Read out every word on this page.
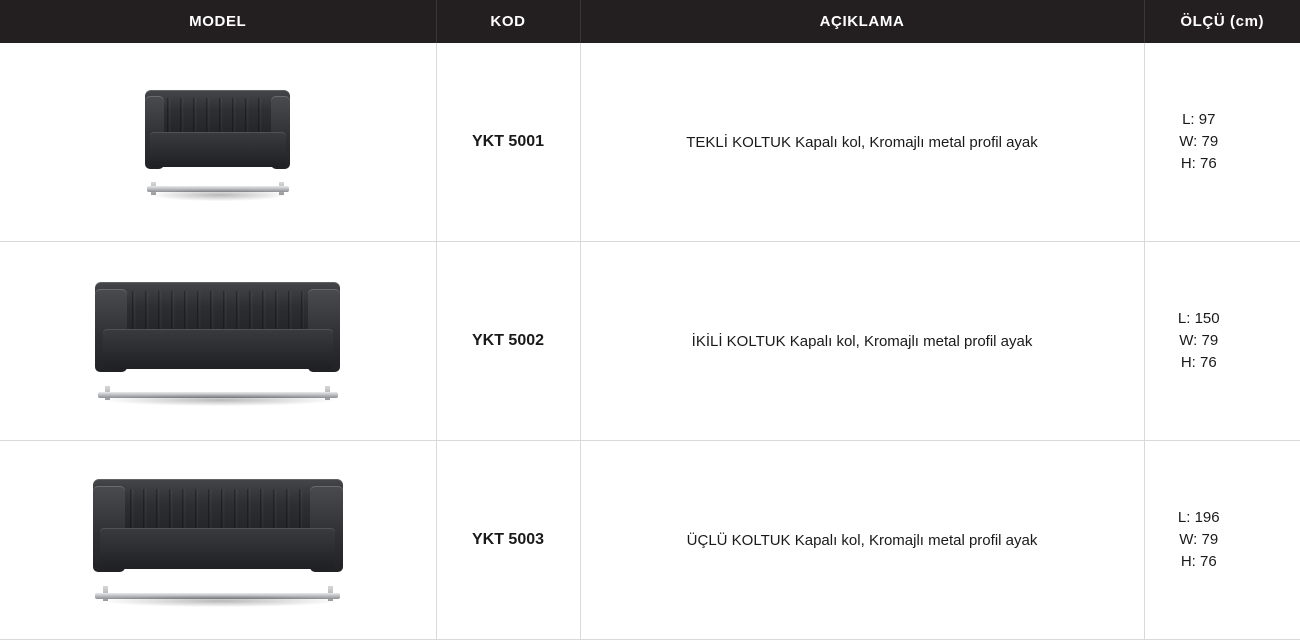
MODEL	KOD	AÇIKLAMA	ÖLÇÜ (cm)

	YKT 5001	TEKLİ KOLTUK Kapalı kol, Kromajlı metal profil ayak	L: 97
W: 79
H: 76

	YKT 5002	İKİLİ KOLTUK Kapalı kol, Kromajlı metal profil ayak	L: 150
W: 79
H: 76

	YKT 5003	ÜÇLÜ KOLTUK Kapalı kol, Kromajlı metal profil ayak	L: 196
W: 79
H: 76
